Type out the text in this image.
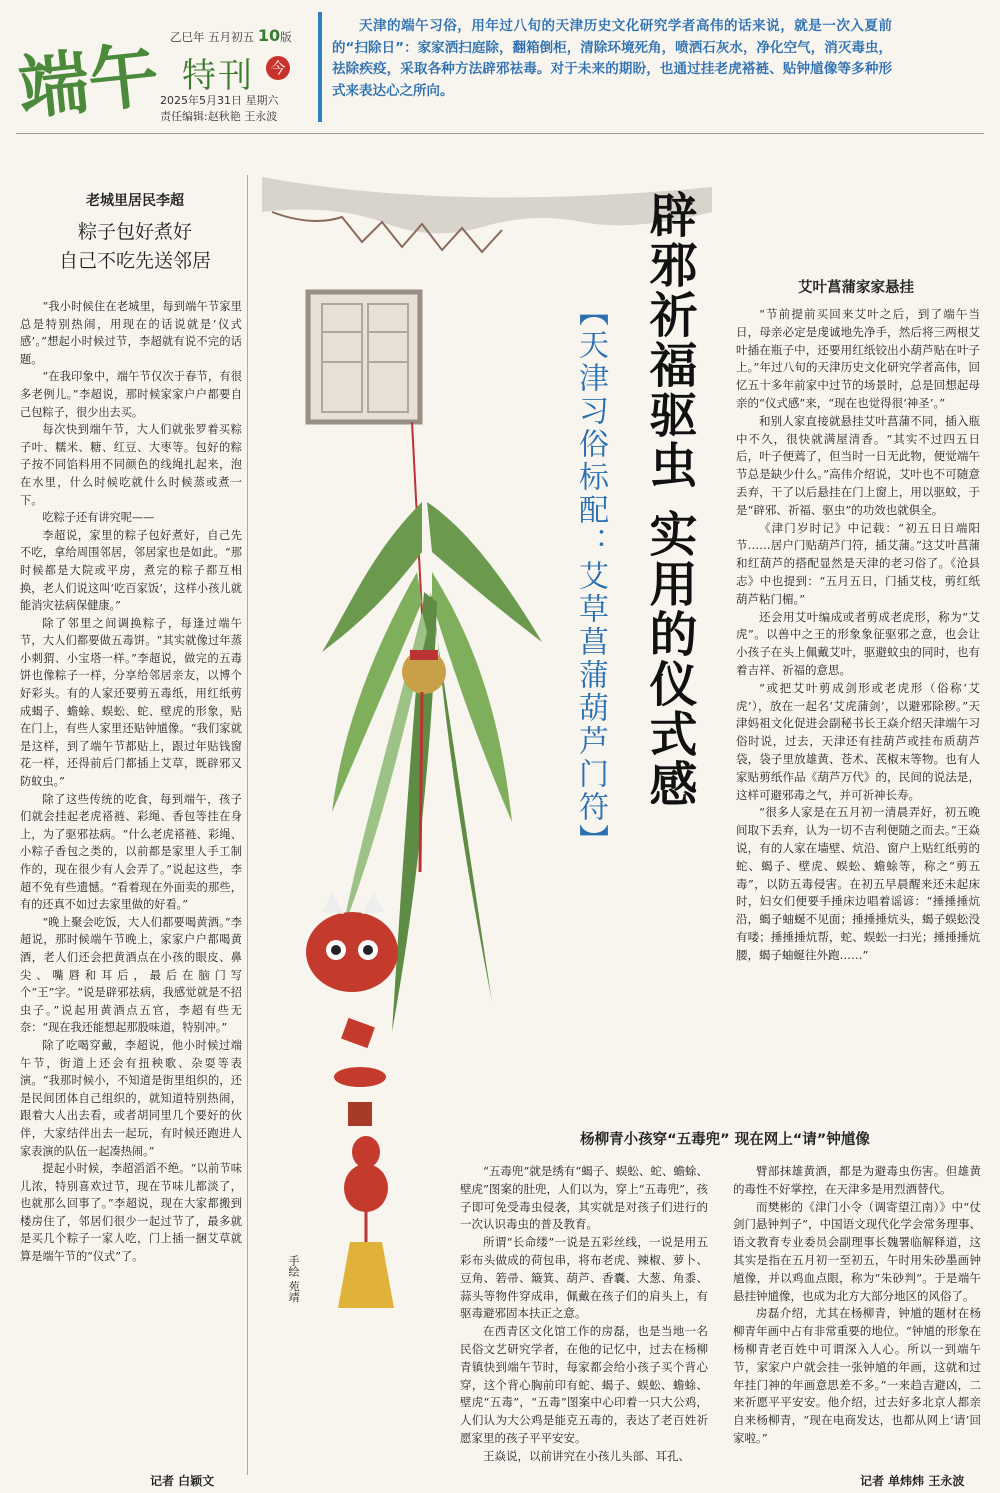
端午 乙巳年 五月初五 10版
特刊 今
2025年5月31日 星期六
责任编辑:赵秋艳 王永波
天津的端午习俗，用年过八旬的天津历史文化研究学者高伟的话来说，就是一次入夏前的“扫除日”：家家洒扫庭除，翻箱倒柜，清除环境死角，喷洒石灰水，净化空气，消灭毒虫，祛除疾疫，采取各种方法辟邪祛毒。对于未来的期盼，也通过挂老虎褡裢、贴钟馗像等多种形式来表达心之所向。
老城里居民李超
粽子包好煮好
自己不吃先送邻居

“我小时候住在老城里，每到端午节家里总是特别热闹，用现在的话说就是‘仪式感’。”想起小时候过节，李超就有说不完的话题。

“在我印象中，端午节仅次于春节，有很多老例儿。”李超说，那时候家家户户都要自己包粽子，很少出去买。

每次快到端午节，大人们就张罗着买粽子叶、糯米、糖、红豆、大枣等。包好的粽子按不同馅料用不同颜色的线绳扎起来，泡在水里，什么时候吃就什么时候蒸或煮一下。

吃粽子还有讲究呢——

李超说，家里的粽子包好煮好，自己先不吃，拿给周围邻居，邻居家也是如此。“那时候都是大院或平房，煮完的粽子都互相换，老人们说这叫‘吃百家饭’，这样小孩儿就能消灾祛病保健康。”

除了邻里之间调换粽子，每逢过端午节，大人们都要做五毒饼。“其实就像过年蒸小刺猬、小宝塔一样。”李超说，做完的五毒饼也像粽子一样，分享给邻居亲友，以博个好彩头。有的人家还要剪五毒纸，用红纸剪成蝎子、蟾蜍、蜈蚣、蛇、壁虎的形象，贴在门上，有些人家里还贴钟馗像。“我们家就是这样，到了端午节都贴上，跟过年贴钱窗花一样，还得前后门都插上艾草，既辟邪又防蚊虫。”

除了这些传统的吃食，每到端午，孩子们就会挂起老虎褡裢、彩绳、香包等挂在身上，为了驱邪祛病。“什么老虎褡裢、彩绳、小粽子香包之类的，以前都是家里人手工制作的，现在很少有人会弄了。”说起这些，李超不免有些遗憾。“看着现在外面卖的那些，有的还真不如过去家里做的好看。”

“晚上聚会吃饭，大人们都要喝黄酒。”李超说，那时候端午节晚上，家家户户都喝黄酒，老人们还会把黄酒点在小孩的眼皮、鼻尖、嘴唇和耳后，最后在脑门写个“王”字。“说是辟邪祛病，我感觉就是不招虫子。”说起用黄酒点五官，李超有些无奈：“现在我还能想起那股味道，特别冲。”

除了吃喝穿戴，李超说，他小时候过端午节，街道上还会有扭秧歌、杂耍等表演。“我那时候小，不知道是街里组织的，还是民间团体自己组织的，就知道特别热闹，跟着大人出去看，或者胡同里几个要好的伙伴，大家结伴出去一起玩，有时候还跑进人家表演的队伍一起凑热闹。”

提起小时候，李超滔滔不绝。“以前节味儿浓，特别喜欢过节，现在节味儿都淡了，也就那么回事了。”李超说，现在大家都搬到楼房住了，邻居们很少一起过节了，最多就是买几个粽子一家人吃，门上插一捆艾草就算是端午节的“仪式”了。

记者 白颖文
辟邪祈福驱虫 实用的仪式感
【天津习俗标配：艾草菖蒲葫芦门符】
手绘 苑靖
艾叶菖蒲家家悬挂

“节前提前买回来艾叶之后，到了端午当日，母亲必定是虔诚地先净手，然后将三两根艾叶插在瓶子中，还要用红纸铰出小葫芦贴在叶子上。”年过八旬的天津历史文化研究学者高伟，回忆五十多年前家中过节的场景时，总是回想起母亲的“仪式感”来，“现在也觉得很‘神圣’。”

和别人家直接就悬挂艾叶菖蒲不同，插入瓶中不久，很快就满屋清香。“其实不过四五日后，叶子便蔫了，但当时一日无此物，便觉端午节总是缺少什么。”高伟介绍说，艾叶也不可随意丢弃，干了以后悬挂在门上窗上，用以驱蚊，于是“辟邪、祈福、驱虫”的功效也就俱全。

《津门岁时记》中记载：“初五日日端阳节……居户门贴葫芦门符，插艾蒲。”这艾叶菖蒲和红葫芦的搭配显然是天津的老习俗了。《沧县志》中也提到：“五月五日，门插艾枝，剪红纸葫芦粘门楣。”

还会用艾叶编成或者剪成老虎形，称为“艾虎”。以兽中之王的形象象征驱邪之意，也会让小孩子在头上佩戴艾叶，驱避蚊虫的同时，也有着吉祥、祈福的意思。

“或把艾叶剪成剑形或老虎形（俗称‘艾虎’），放在一起名‘艾虎蒲剑’，以避邪除秽。”天津妈祖文化促进会副秘书长王焱介绍天津端午习俗时说，过去，天津还有挂葫芦或挂布质葫芦袋，袋子里放雄黄、苍术、芪椒末等物。也有人家贴剪纸作品《葫芦万代》的，民间的说法是，这样可避邪毒之气，并可祈神长寿。

“很多人家是在五月初一清晨弄好，初五晚间取下丢弃，认为一切不吉利便随之而去。”王焱说，有的人家在墙壁、炕沿、窗户上贴红纸剪的蛇、蝎子、壁虎、蜈蚣、蟾蜍等，称之“剪五毒”，以防五毒侵害。在初五早晨醒来还未起床时，妇女们便要手捶床边唱着谣谚：“捶捶捶炕沿，蝎子蚰蜒不见面；捶捶捶炕头，蝎子蜈蚣没有喽；捶捶捶炕帮，蛇、蜈蚣一扫光；捶捶捶炕腰，蝎子蚰蜒往外跑……”

杨柳青小孩穿“五毒兜” 现在网上“请”钟馗像

“五毒兜”就是绣有“蝎子、蜈蚣、蛇、蟾蜍、壁虎”图案的肚兜，人们以为，穿上“五毒兜”，孩子即可免受毒虫侵袭，其实就是对孩子们进行的一次认识毒虫的普及教育。

所谓“长命缕”一说是五彩丝线，一说是用五彩布头做成的荷包串，将布老虎、辣椒、萝卜、豆角、箬帚、簸箕、葫芦、香囊、大葱、角黍、蒜头等物件穿成串，佩戴在孩子们的肩头上，有驱毒避邪固本扶正之意。

在西青区文化馆工作的房磊，也是当地一名民俗文艺研究学者，在他的记忆中，过去在杨柳青镇快到端午节时，每家都会给小孩子买个背心穿，这个背心胸前印有蛇、蝎子、蜈蚣、蟾蜍、壁虎“五毒”，“五毒”图案中心印着一只大公鸡，人们认为大公鸡是能克五毒的，表达了老百姓祈愿家里的孩子平平安安。

王焱说，以前讲究在小孩儿头部、耳孔、

臂部抹雄黄酒，都是为避毒虫伤害。但雄黄的毒性不好掌控，在天津多是用烈酒替代。

而樊彬的《津门小令（调寄望江南）》中“仗剑门悬钟判子”，中国语文现代化学会常务理事、语文教育专业委员会副理事长魏署临解释道，这其实是指在五月初一至初五，午时用朱砂墨画钟馗像，并以鸡血点眼，称为“朱砂判”。于是端午悬挂钟馗像，也成为北方大部分地区的风俗了。

房磊介绍，尤其在杨柳青，钟馗的题材在杨柳青年画中占有非常重要的地位。“钟馗的形象在杨柳青老百姓中可谓深入人心。所以一到端午节，家家户户就会挂一张钟馗的年画，这就和过年挂门神的年画意思差不多。”一来趋吉避凶，二来祈愿平平安安。他介绍，过去好多北京人都亲自来杨柳青，“现在电商发达，也都从网上‘请’回家啦。”

记者 单炜炜 王永波
